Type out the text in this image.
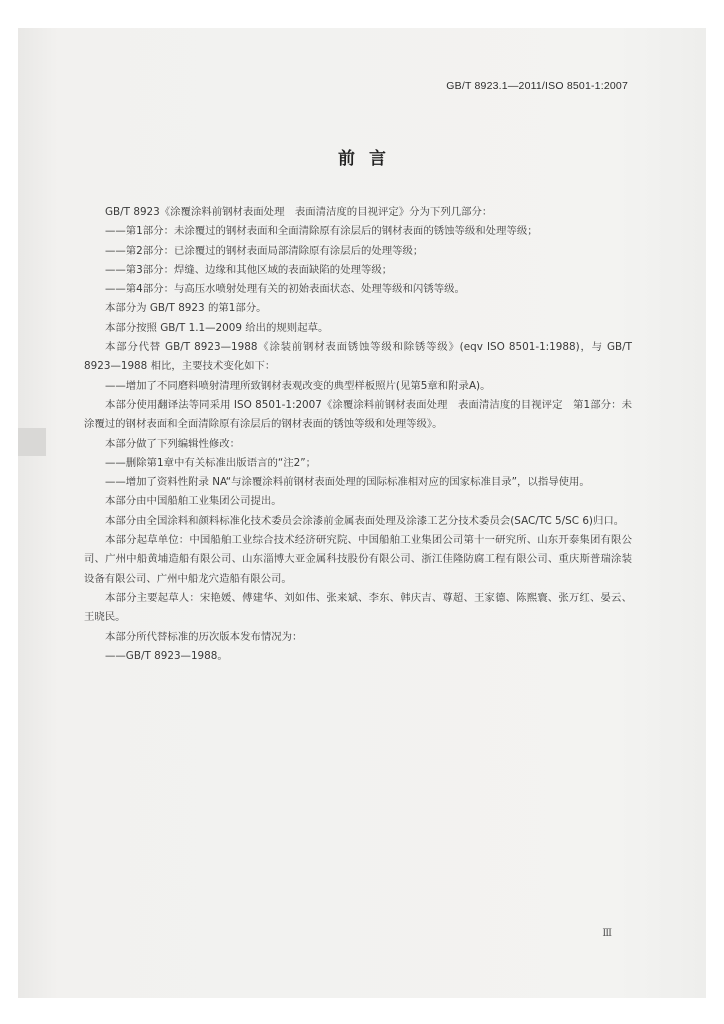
GB/T 8923.1—2011/ISO 8501-1:2007
前言

GB/T 8923《涂覆涂料前钢材表面处理　表面清洁度的目视评定》分为下列几部分：

——第1部分：未涂覆过的钢材表面和全面清除原有涂层后的钢材表面的锈蚀等级和处理等级；

——第2部分：已涂覆过的钢材表面局部清除原有涂层后的处理等级；

——第3部分：焊缝、边缘和其他区域的表面缺陷的处理等级；

——第4部分：与高压水喷射处理有关的初始表面状态、处理等级和闪锈等级。

本部分为 GB/T 8923 的第1部分。

本部分按照 GB/T 1.1—2009 给出的规则起草。

本部分代替 GB/T 8923—1988《涂装前钢材表面锈蚀等级和除锈等级》(eqv ISO 8501-1:1988)，与 GB/T 8923—1988 相比，主要技术变化如下：

——增加了不同磨料喷射清理所致钢材表观改变的典型样板照片(见第5章和附录A)。

本部分使用翻译法等同采用 ISO 8501-1:2007《涂覆涂料前钢材表面处理　表面清洁度的目视评定　第1部分：未涂覆过的钢材表面和全面清除原有涂层后的钢材表面的锈蚀等级和处理等级》。

本部分做了下列编辑性修改：

——删除第1章中有关标准出版语言的“注2”；

——增加了资料性附录 NA“与涂覆涂料前钢材表面处理的国际标准相对应的国家标准目录”，以指导使用。

本部分由中国船舶工业集团公司提出。

本部分由全国涂料和颜料标准化技术委员会涂漆前金属表面处理及涂漆工艺分技术委员会(SAC/TC 5/SC 6)归口。

本部分起草单位：中国船舶工业综合技术经济研究院、中国船舶工业集团公司第十一研究所、山东开泰集团有限公司、广州中船黄埔造船有限公司、山东淄博大亚金属科技股份有限公司、浙江佳隆防腐工程有限公司、重庆斯普瑞涂装设备有限公司、广州中船龙穴造船有限公司。

本部分主要起草人：宋艳媛、傅建华、刘如伟、张来斌、李东、韩庆吉、尊超、王家德、陈熙寰、张万红、晏云、王晓民。

本部分所代替标准的历次版本发布情况为：

——GB/T 8923—1988。

Ⅲ
